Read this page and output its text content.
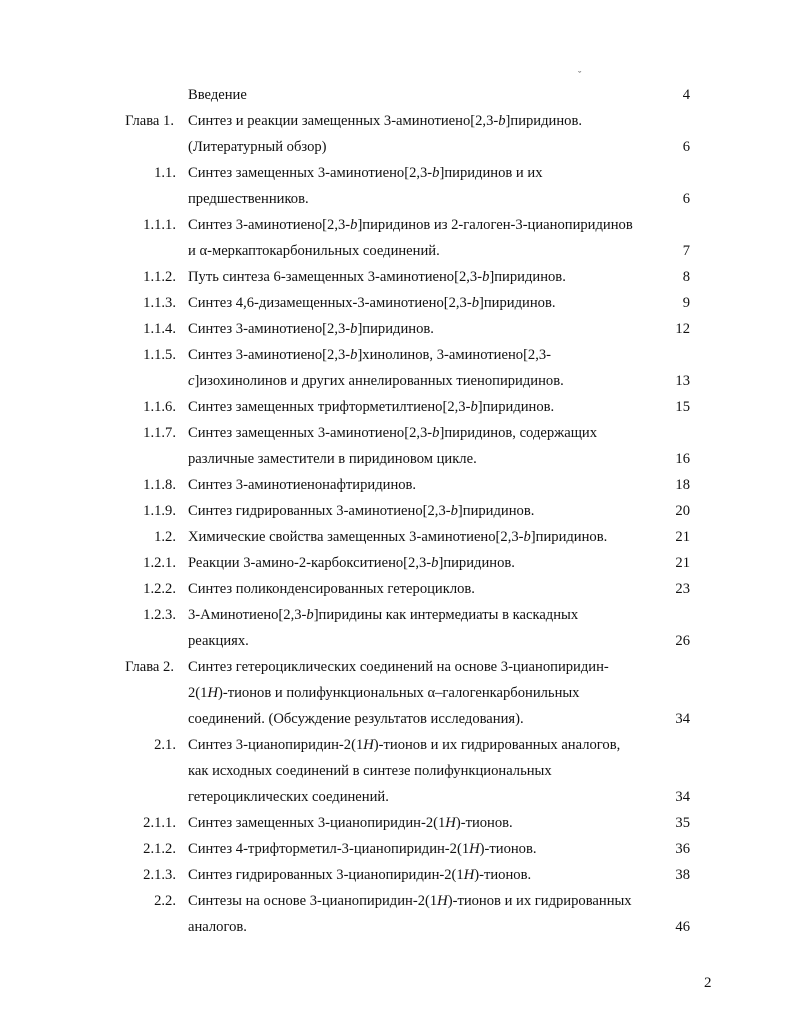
ˬ
Введение	4
Глава 1. Синтез и реакции замещенных 3-аминотиено[2,3-b]пиридинов.
(Литературный обзор)	6
1.1. Синтез замещенных 3-аминотиено[2,3-b]пиридинов и их
предшественников.	6
1.1.1. Синтез 3-аминотиено[2,3-b]пиридинов из 2-галоген-3-цианопиридинов
и α-меркаптокарбонильных соединений.	7
1.1.2. Путь синтеза 6-замещенных 3-аминотиено[2,3-b]пиридинов.	8
1.1.3. Синтез 4,6-дизамещенных-3-аминотиено[2,3-b]пиридинов.	9
1.1.4. Синтез 3-аминотиено[2,3-b]пиридинов.	12
1.1.5. Синтез 3-аминотиено[2,3-b]хинолинов, 3-аминотиено[2,3-
c]изохинолинов и других аннелированных тиенопиридинов.	13
1.1.6. Синтез замещенных трифторметилтиено[2,3-b]пиридинов.	15
1.1.7. Синтез замещенных 3-аминотиено[2,3-b]пиридинов, содержащих
различные заместители в пиридиновом цикле.	16
1.1.8. Синтез 3-аминотиенонафтиридинов.	18
1.1.9. Синтез гидрированных 3-аминотиено[2,3-b]пиридинов.	20
1.2. Химические свойства замещенных 3-аминотиено[2,3-b]пиридинов.	21
1.2.1. Реакции 3-амино-2-карбокситиено[2,3-b]пиридинов.	21
1.2.2. Синтез поликонденсированных гетероциклов.	23
1.2.3. 3-Аминотиено[2,3-b]пиридины как интермедиаты в каскадных
реакциях.	26
Глава 2. Синтез гетероциклических соединений на основе 3-цианопиридин-
2(1H)-тионов и полифункциональных α–галогенкарбонильных
соединений. (Обсуждение результатов исследования).	34
2.1. Синтез 3-цианопиридин-2(1H)-тионов и их гидрированных аналогов,
как исходных соединений в синтезе полифункциональных
гетероциклических соединений.	34
2.1.1. Синтез замещенных 3-цианопиридин-2(1H)-тионов.	35
2.1.2. Синтез 4-трифторметил-3-цианопиридин-2(1H)-тионов.	36
2.1.3. Синтез гидрированных 3-цианопиридин-2(1H)-тионов.	38
2.2. Синтезы на основе 3-цианопиридин-2(1H)-тионов и их гидрированных
аналогов.	46
2
